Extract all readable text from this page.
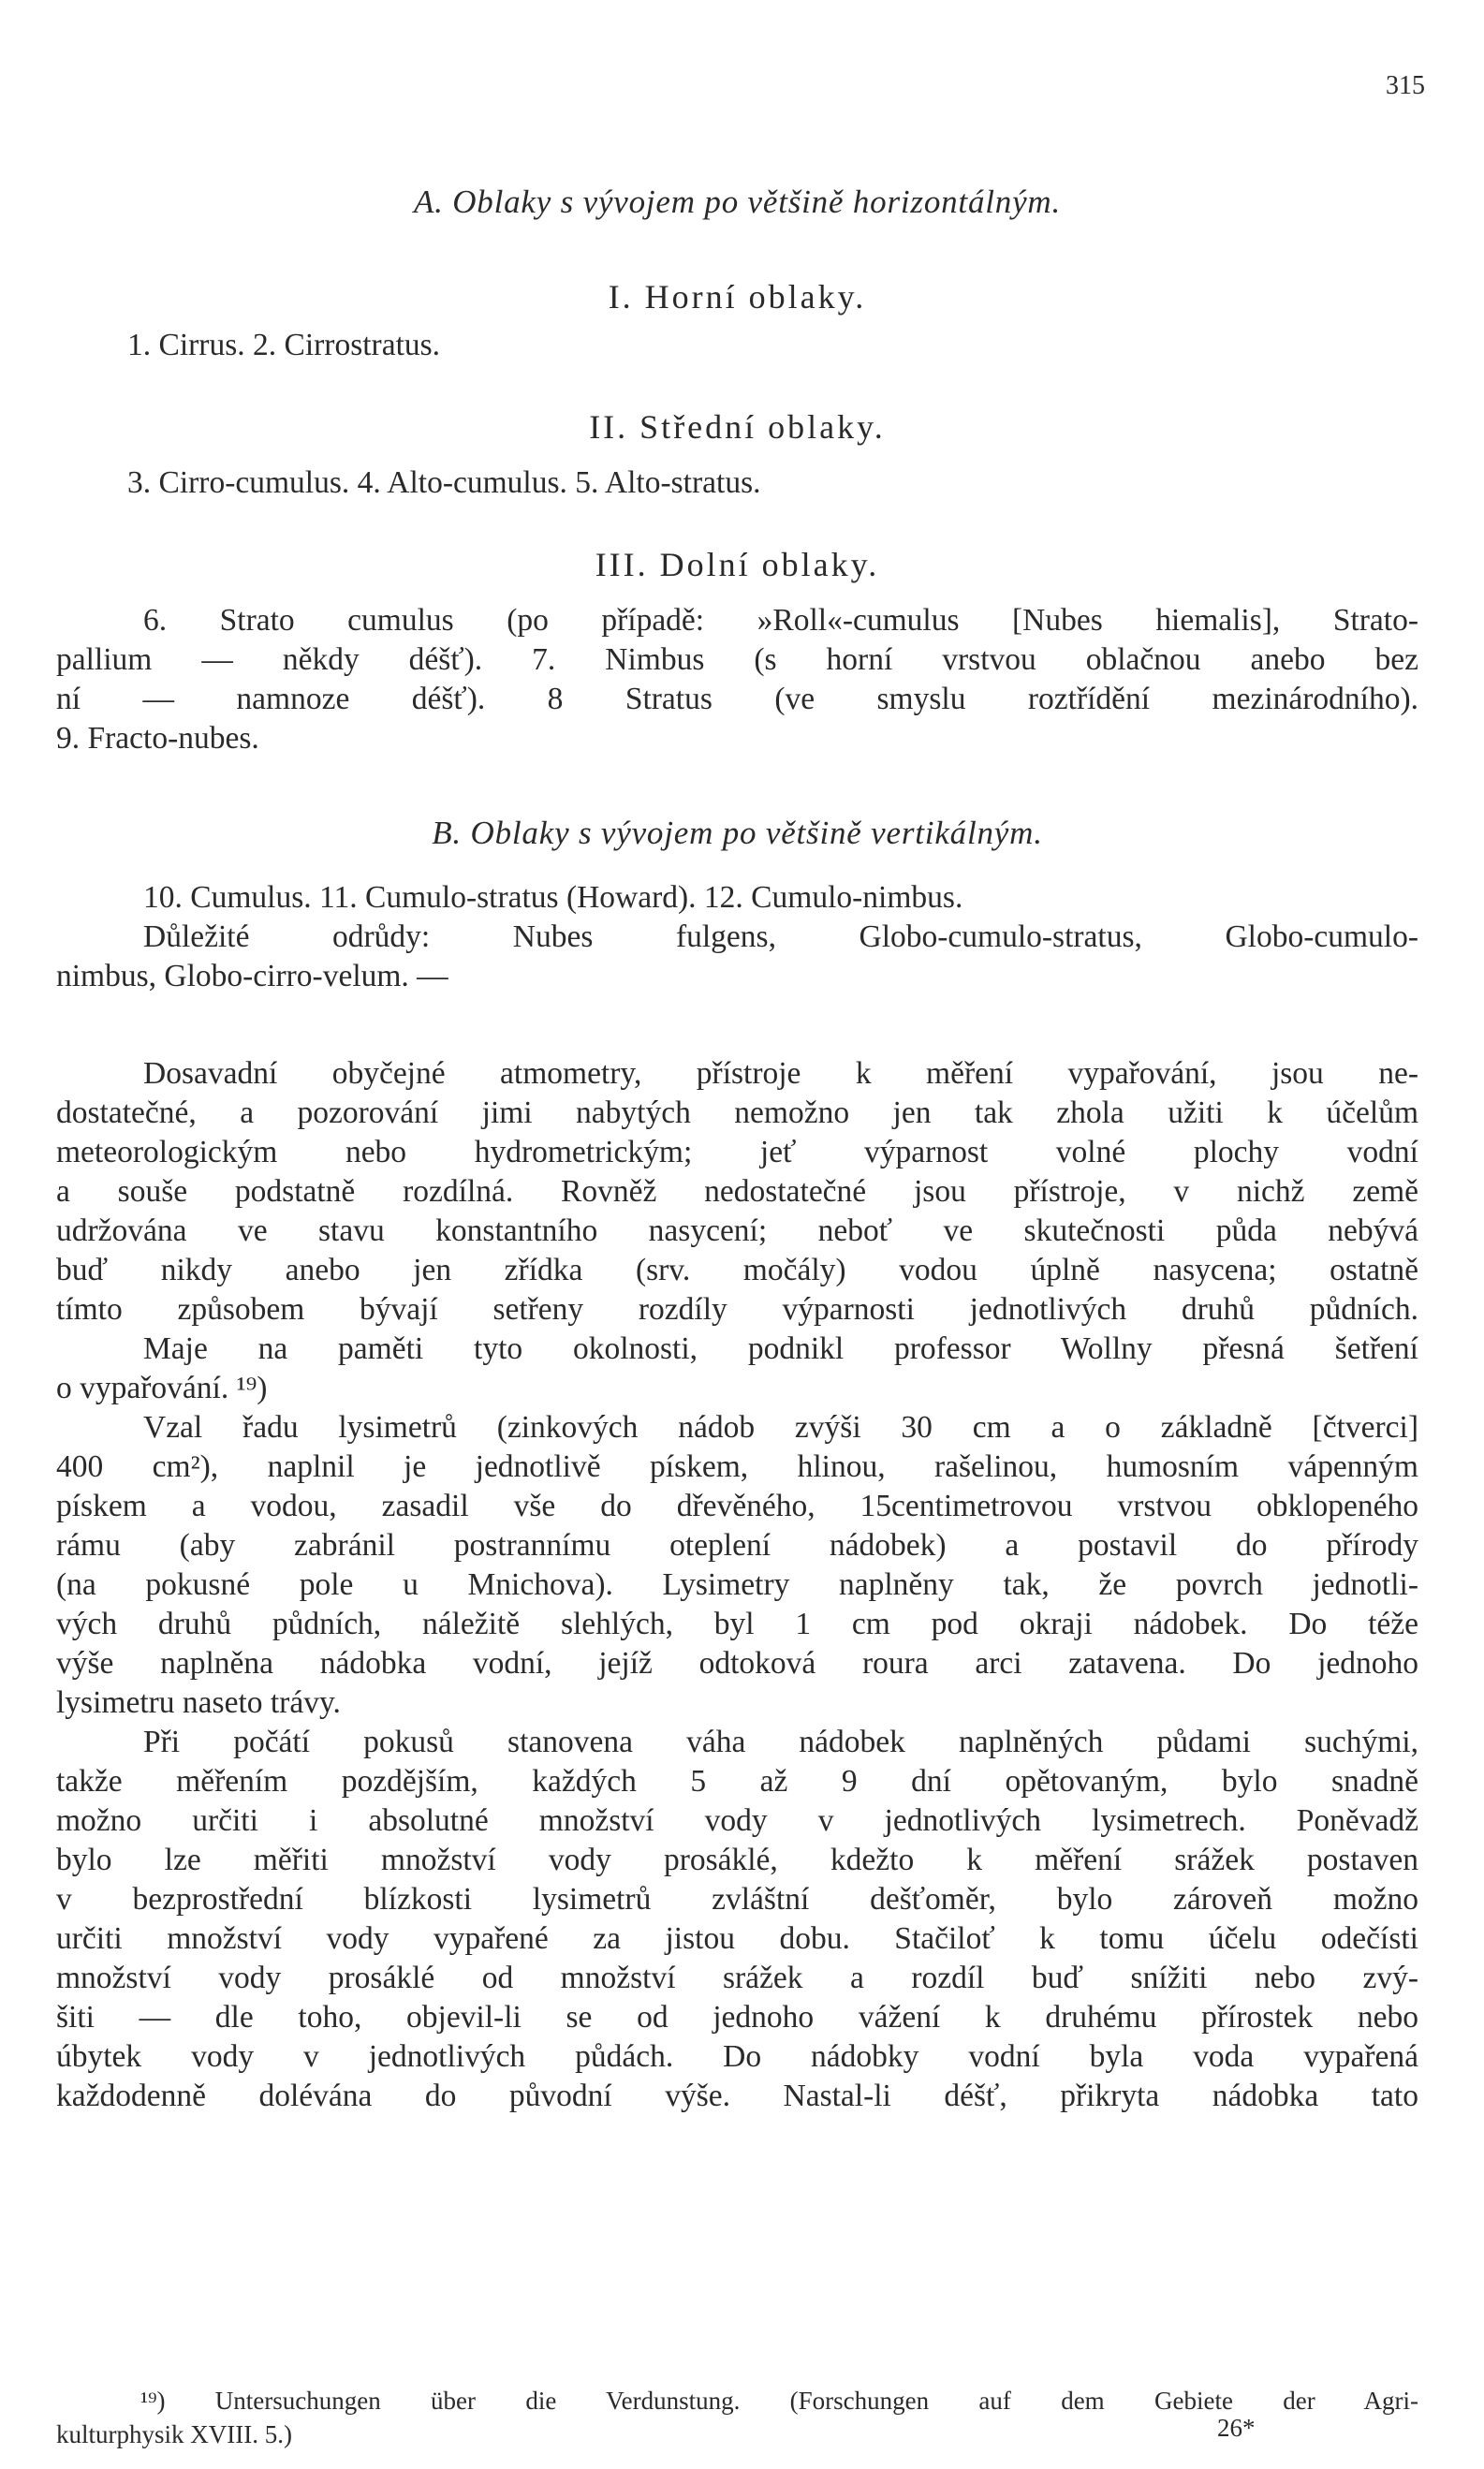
315
A. Oblaky s vývojem po většině horizontálným.
I. Horní oblaky.
1. Cirrus. 2. Cirrostratus.
II. Střední oblaky.
3. Cirro-cumulus. 4. Alto-cumulus. 5. Alto-stratus.
III. Dolní oblaky.
6. Strato cumulus (po případě: »Roll«-cumulus [Nubes hiemalis], Strato-
pallium — někdy déšť). 7. Nimbus (s horní vrstvou oblačnou anebo bez
ní — namnoze déšť). 8 Stratus (ve smyslu roztřídění mezinárodního).
9. Fracto-nubes.
B. Oblaky s vývojem po většině vertikálným.
10. Cumulus. 11. Cumulo-stratus (Howard). 12. Cumulo-nimbus.
Důležité odrůdy: Nubes fulgens, Globo-cumulo-stratus, Globo-cumulo-
nimbus, Globo-cirro-velum. —
Dosavadní obyčejné atmometry, přístroje k měření vypařování, jsou ne-
dostatečné, a pozorování jimi nabytých nemožno jen tak zhola užiti k účelům
meteorologickým nebo hydrometrickým; jeť výparnost volné plochy vodní
a souše podstatně rozdílná. Rovněž nedostatečné jsou přístroje, v nichž země
udržována ve stavu konstantního nasycení; neboť ve skutečnosti půda nebývá
buď nikdy anebo jen zřídka (srv. močály) vodou úplně nasycena; ostatně
tímto způsobem bývají setřeny rozdíly výparnosti jednotlivých druhů půdních.
Maje na paměti tyto okolnosti, podnikl professor Wollny přesná šetření
o vypařování. ¹⁹)
Vzal řadu lysimetrů (zinkových nádob zvýši 30 cm a o základně [čtverci]
400 cm²), naplnil je jednotlivě pískem, hlinou, rašelinou, humosním vápenným
pískem a vodou, zasadil vše do dřevěného, 15centimetrovou vrstvou obklopeného
rámu (aby zabránil postrannímu oteplení nádobek) a postavil do přírody
(na pokusné pole u Mnichova). Lysimetry naplněny tak, že povrch jednotli-
vých druhů půdních, náležitě slehlých, byl 1 cm pod okraji nádobek. Do téže
výše naplněna nádobka vodní, jejíž odtoková roura arci zatavena. Do jednoho
lysimetru naseto trávy.
Při počátí pokusů stanovena váha nádobek naplněných půdami suchými,
takže měřením pozdějším, každých 5 až 9 dní opětovaným, bylo snadně
možno určiti i absolutné množství vody v jednotlivých lysimetrech. Poněvadž
bylo lze měřiti množství vody prosáklé, kdežto k měření srážek postaven
v bezprostřední blízkosti lysimetrů zvláštní dešťoměr, bylo zároveň možno
určiti množství vody vypařené za jistou dobu. Stačiloť k tomu účelu odečísti
množství vody prosáklé od množství srážek a rozdíl buď snížiti nebo zvý-
šiti — dle toho, objevil-li se od jednoho vážení k druhému přírostek nebo
úbytek vody v jednotlivých půdách. Do nádobky vodní byla voda vypařená
každodenně dolévána do původní výše. Nastal-li déšť, přikryta nádobka tato
¹⁹) Untersuchungen über die Verdunstung. (Forschungen auf dem Gebiete der Agri-
kulturphysik XVIII. 5.)	26*
